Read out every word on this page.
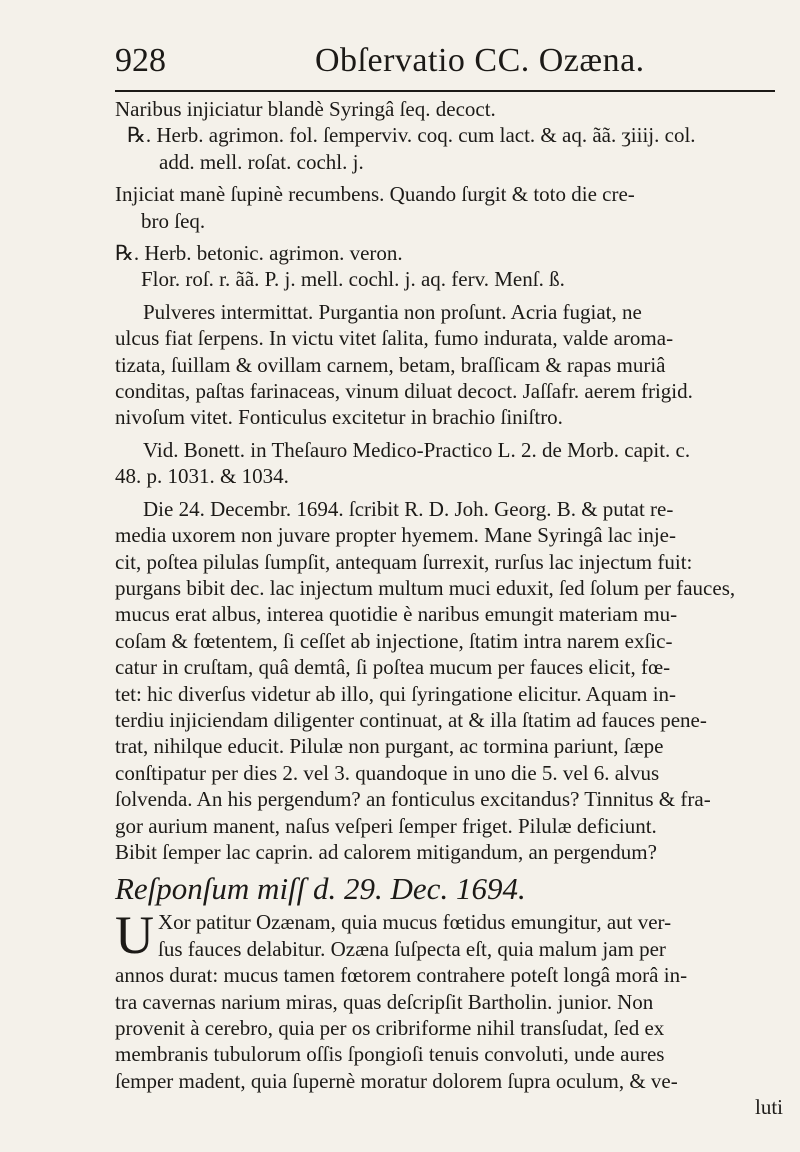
928	Obſervatio CC. Ozæna.

Naribus injiciatur blandè Syringâ ſeq. decoct.

℞. Herb. agrimon. fol. ſemperviv. coq. cum lact. & aq. ãã. ʒiiij. col.

add. mell. roſat. cochl. j.

Injiciat manè ſupinè recumbens. Quando ſurgit & toto die cre-

bro ſeq.

℞. Herb. betonic. agrimon. veron.

Flor. roſ. r. ãã. P. j. mell. cochl. j. aq. ferv. Menſ. ß.

Pulveres intermittat. Purgantia non proſunt. Acria fugiat, ne

ulcus fiat ſerpens. In victu vitet ſalita, fumo indurata, valde aroma-

tizata, ſuillam & ovillam carnem, betam, braſſicam & rapas muriâ

conditas, paſtas farinaceas, vinum diluat decoct. Jaſſafr. aerem frigid.

nivoſum vitet. Fonticulus excitetur in brachio ſiniſtro.

Vid. Bonett. in Theſauro Medico-Practico L. 2. de Morb. capit. c.

48. p. 1031. & 1034.

Die 24. Decembr. 1694. ſcribit R. D. Joh. Georg. B. & putat re-

media uxorem non juvare propter hyemem. Mane Syringâ lac inje-

cit, poſtea pilulas ſumpſit, antequam ſurrexit, rurſus lac injectum fuit:

purgans bibit dec. lac injectum multum muci eduxit, ſed ſolum per fauces,

mucus erat albus, interea quotidie è naribus emungit materiam mu-

coſam & fœtentem, ſi ceſſet ab injectione, ſtatim intra narem exſic-

catur in cruſtam, quâ demtâ, ſi poſtea mucum per fauces elicit, fœ-

tet: hic diverſus videtur ab illo, qui ſyringatione elicitur. Aquam in-

terdiu injiciendam diligenter continuat, at & illa ſtatim ad fauces pene-

trat, nihilque educit. Pilulæ non purgant, ac tormina pariunt, ſæpe

conſtipatur per dies 2. vel 3. quandoque in uno die 5. vel 6. alvus

ſolvenda. An his pergendum? an fonticulus excitandus? Tinnitus & fra-

gor aurium manent, naſus veſperi ſemper friget. Pilulæ deficiunt.

Bibit ſemper lac caprin. ad calorem mitigandum, an pergendum?

Reſponſum miſſ d. 29. Dec. 1694.

U Xor patitur Ozænam, quia mucus fœtidus emungitur, aut ver-

ſus fauces delabitur. Ozæna ſuſpecta eſt, quia malum jam per

annos durat: mucus tamen fœtorem contrahere poteſt longâ morâ in-

tra cavernas narium miras, quas deſcripſit Bartholin. junior. Non

provenit à cerebro, quia per os cribriforme nihil transſudat, ſed ex

membranis tubulorum oſſis ſpongioſi tenuis convoluti, unde aures

ſemper madent, quia ſupernè moratur dolorem ſupra oculum, & ve-

luti
